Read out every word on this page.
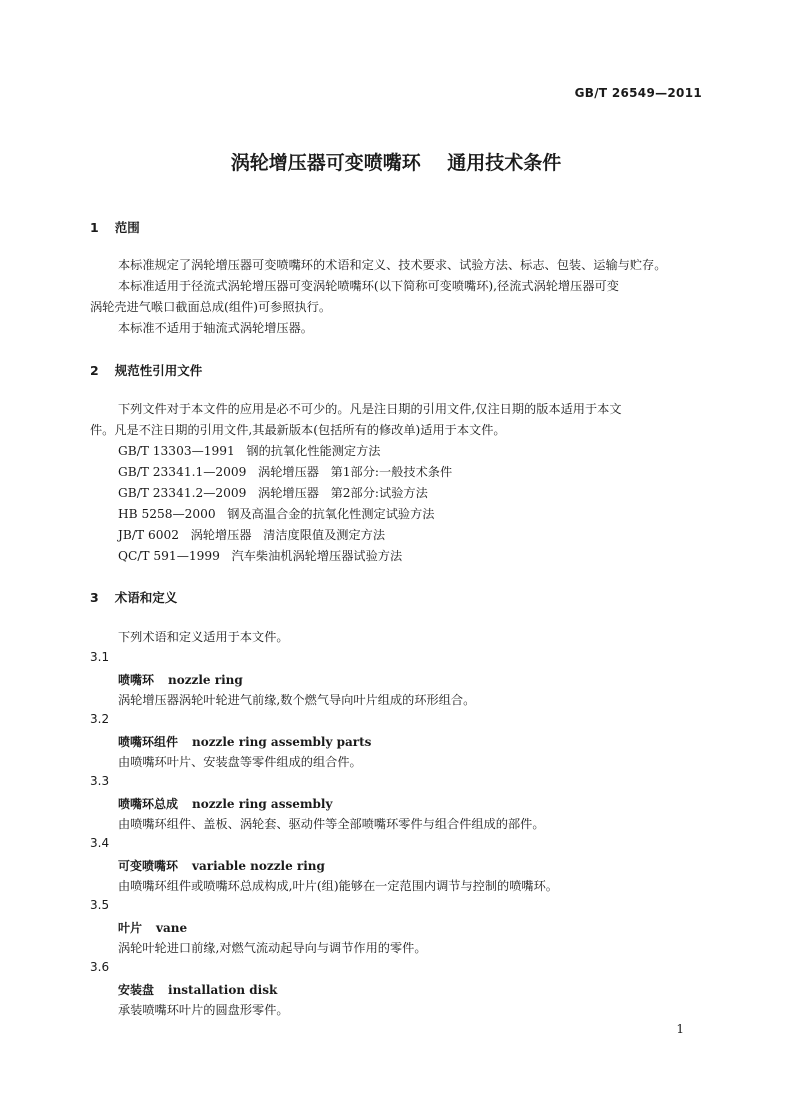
GB/T 26549—2011
涡轮增压器可变喷嘴环    通用技术条件
1 范围
本标准规定了涡轮增压器可变喷嘴环的术语和定义、技术要求、试验方法、标志、包装、运输与贮存。
本标准适用于径流式涡轮增压器可变涡轮喷嘴环(以下简称可变喷嘴环),径流式涡轮增压器可变
涡轮壳进气喉口截面总成(组件)可参照执行。
本标准不适用于轴流式涡轮增压器。
2 规范性引用文件
下列文件对于本文件的应用是必不可少的。凡是注日期的引用文件,仅注日期的版本适用于本文
件。凡是不注日期的引用文件,其最新版本(包括所有的修改单)适用于本文件。
GB/T 13303—1991   钢的抗氧化性能测定方法
GB/T 23341.1—2009   涡轮增压器   第1部分:一般技术条件
GB/T 23341.2—2009   涡轮增压器   第2部分:试验方法
HB 5258—2000   钢及高温合金的抗氧化性测定试验方法
JB/T 6002   涡轮增压器   清洁度限值及测定方法
QC/T 591—1999   汽车柴油机涡轮增压器试验方法
3 术语和定义
下列术语和定义适用于本文件。
3.1
喷嘴环 nozzle ring
涡轮增压器涡轮叶轮进气前缘,数个燃气导向叶片组成的环形组合。
3.2
喷嘴环组件 nozzle ring assembly parts
由喷嘴环叶片、安装盘等零件组成的组合件。
3.3
喷嘴环总成 nozzle ring assembly
由喷嘴环组件、盖板、涡轮套、驱动件等全部喷嘴环零件与组合件组成的部件。
3.4
可变喷嘴环 variable nozzle ring
由喷嘴环组件或喷嘴环总成构成,叶片(组)能够在一定范围内调节与控制的喷嘴环。
3.5
叶片 vane
涡轮叶轮进口前缘,对燃气流动起导向与调节作用的零件。
3.6
安装盘 installation disk
承装喷嘴环叶片的圆盘形零件。
1
